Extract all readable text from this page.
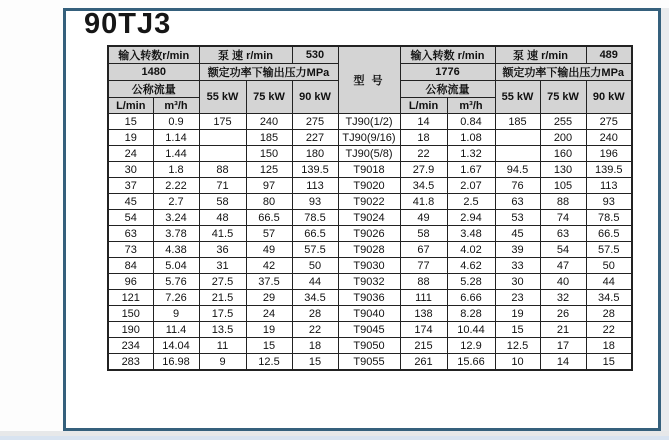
90TJ3
输入转数r/min		泵 速 r/min		530	型 号	输入转数 r/min		泵 速 r/min		489
1480		额定功率下输出压力MPa				1776		额定功率下输出压力MPa		
公称流量		55 kW	75 kW	90 kW		公称流量		55 kW	75 kW	90 kW
L/min	m³/h					L/min	m³/h			
15	0.9	175	240	275	TJ90(1/2)	14	0.84	185	255	275
19	1.14		185	227	TJ90(9/16)	18	1.08		200	240
24	1.44		150	180	TJ90(5/8)	22	1.32		160	196
30	1.8	88	125	139.5	T9018	27.9	1.67	94.5	130	139.5
37	2.22	71	97	113	T9020	34.5	2.07	76	105	113
45	2.7	58	80	93	T9022	41.8	2.5	63	88	93
54	3.24	48	66.5	78.5	T9024	49	2.94	53	74	78.5
63	3.78	41.5	57	66.5	T9026	58	3.48	45	63	66.5
73	4.38	36	49	57.5	T9028	67	4.02	39	54	57.5
84	5.04	31	42	50	T9030	77	4.62	33	47	50
96	5.76	27.5	37.5	44	T9032	88	5.28	30	40	44
121	7.26	21.5	29	34.5	T9036	111	6.66	23	32	34.5
150	9	17.5	24	28	T9040	138	8.28	19	26	28
190	11.4	13.5	19	22	T9045	174	10.44	15	21	22
234	14.04	11	15	18	T9050	215	12.9	12.5	17	18
283	16.98	9	12.5	15	T9055	261	15.66	10	14	15
